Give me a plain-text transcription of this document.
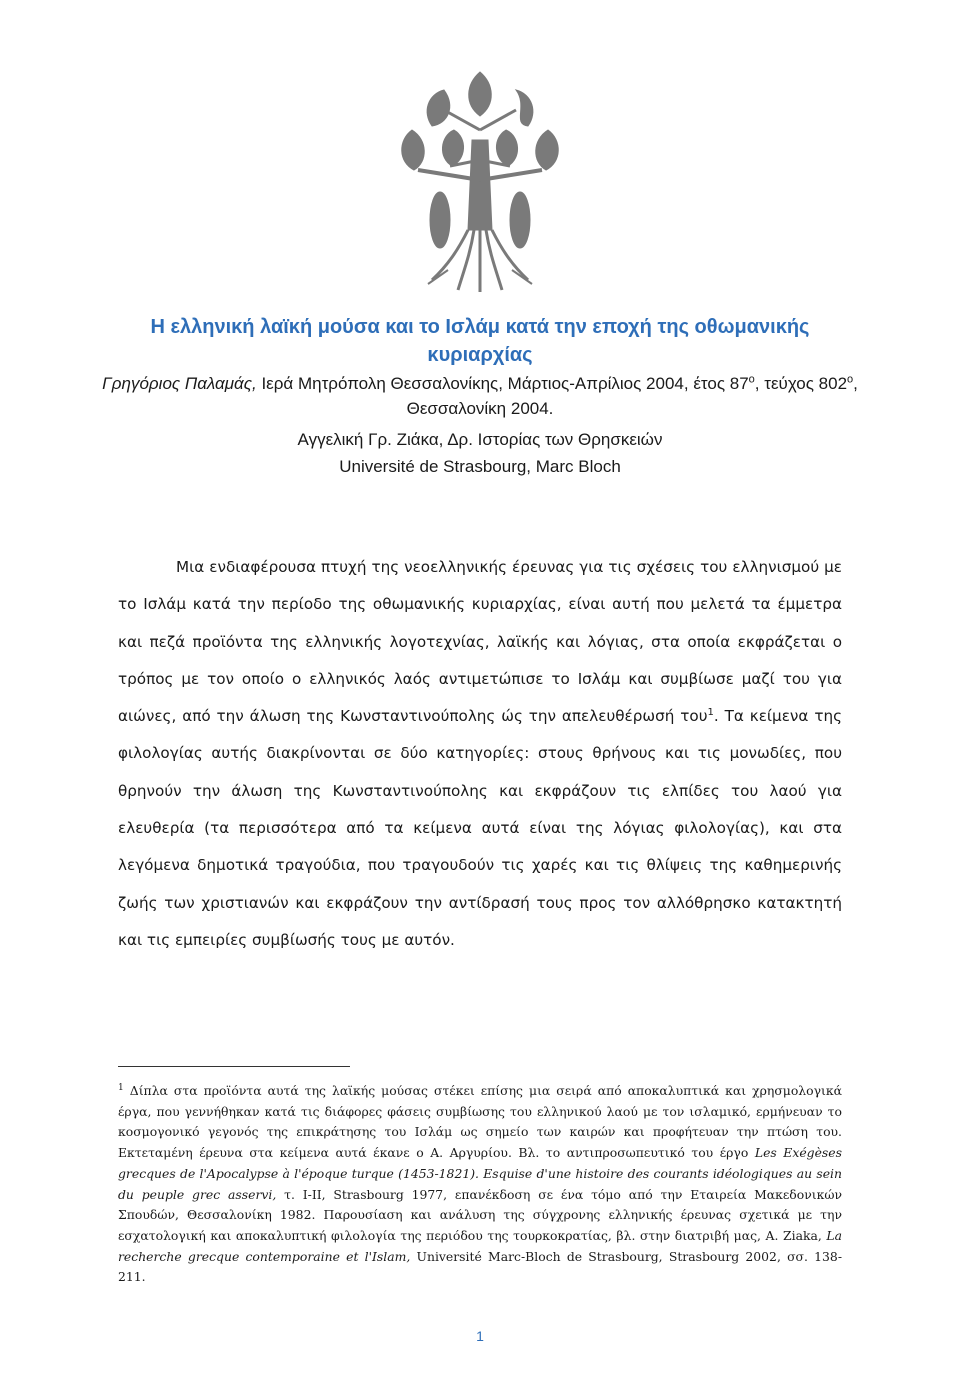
Η ελληνική λαϊκή μούσα και το Ισλάμ κατά την εποχή της οθωμανικής κυριαρχίας
Γρηγόριος Παλαμάς, Ιερά Μητρόπολη Θεσσαλονίκης, Μάρτιος-Απρίλιος 2004, έτος $87^o$, τεύχος $802^o$, Θεσσαλονίκη 2004.
Αγγελική Γρ. Ζιάκα, Δρ. Ιστορίας των Θρησκειών
Université de Strasbourg, Marc Bloch

Μια ενδιαφέρουσα πτυχή της νεοελληνικής έρευνας για τις σχέσεις του ελληνισμού με το Ισλάμ κατά την περίοδο της οθωμανικής κυριαρχίας, είναι αυτή που μελετά τα έμμετρα και πεζά προϊόντα της ελληνικής λογοτεχνίας, λαϊκής και λόγιας, στα οποία εκφράζεται ο τρόπος με τον οποίο ο ελληνικός λαός αντιμετώπισε το Ισλάμ και συμβίωσε μαζί του για αιώνες, από την άλωση της Κωνσταντινούπολης ώς την απελευθέρωσή του$^1$. Τα κείμενα της φιλολογίας αυτής διακρίνονται σε δύο κατηγορίες: στους θρήνους και τις μονωδίες, που θρηνούν την άλωση της Κωνσταντινούπολης και εκφράζουν τις ελπίδες του λαού για ελευθερία (τα περισσότερα από τα κείμενα αυτά είναι της λόγιας φιλολογίας), και στα λεγόμενα δημοτικά τραγούδια, που τραγουδούν τις χαρές και τις θλίψεις της καθημερινής ζωής των χριστιανών και εκφράζουν την αντίδρασή τους προς τον αλλόθρησκο κατακτητή και τις εμπειρίες συμβίωσής τους με αυτόν.

$^1$ Δίπλα στα προϊόντα αυτά της λαϊκής μούσας στέκει επίσης μια σειρά από αποκαλυπτικά και χρησμολογικά έργα, που γεννήθηκαν κατά τις διάφορες φάσεις συμβίωσης του ελληνικού λαού με τον ισλαμικό, ερμήνευαν το κοσμογονικό γεγονός της επικράτησης του Ισλάμ ως σημείο των καιρών και προφήτευαν την πτώση του. Εκτεταμένη έρευνα στα κείμενα αυτά έκανε ο Α. Αργυρίου. Βλ. το αντιπροσωπευτικό του έργο Les Exégèses grecques de l'Apocalypse à l'époque turque (1453-1821). Esquise d'une histoire des courants idéologiques au sein du peuple grec asservi, τ. I-II, Strasbourg 1977, επανέκδοση σε ένα τόμο από την Εταιρεία Μακεδονικών Σπουδών, Θεσσαλονίκη 1982. Παρουσίαση και ανάλυση της σύγχρονης ελληνικής έρευνας σχετικά με την εσχατολογική και αποκαλυπτική φιλολογία της περιόδου της τουρκοκρατίας, βλ. στην διατριβή μας, A. Ziaka, La recherche grecque contemporaine et l'Islam, Université Marc-Bloch de Strasbourg, Strasbourg 2002, σσ. 138-211.

1
